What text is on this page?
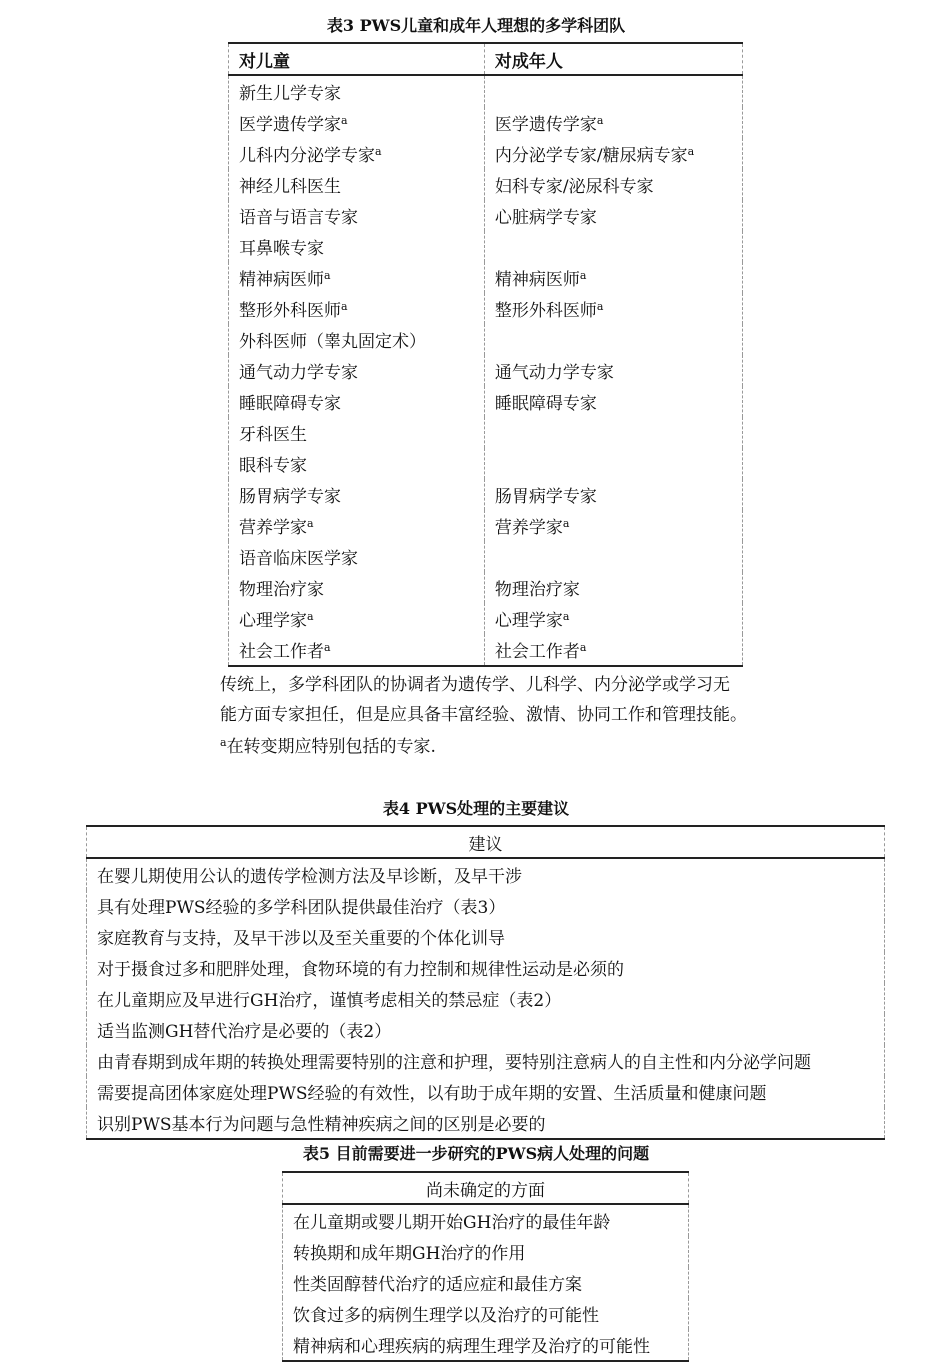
表3 PWS儿童和成年人理想的多学科团队
对儿童	对成年人
新生儿学专家	
医学遗传学家$^a$	医学遗传学家$^a$
儿科内分泌学专家$^a$	内分泌学专家/糖尿病专家$^a$
神经儿科医生	妇科专家/泌尿科专家
语音与语言专家	心脏病学专家
耳鼻喉专家	
精神病医师$^a$	精神病医师$^a$
整形外科医师$^a$	整形外科医师$^a$
外科医师（睾丸固定术）	
通气动力学专家	通气动力学专家
睡眠障碍专家	睡眠障碍专家
牙科医生	
眼科专家	
肠胃病学专家	肠胃病学专家
营养学家$^a$	营养学家$^a$
语音临床医学家	
物理治疗家	物理治疗家
心理学家$^a$	心理学家$^a$
社会工作者$^a$	社会工作者$^a$
传统上，多学科团队的协调者为遗传学、儿科学、内分泌学或学习无
能方面专家担任，但是应具备丰富经验、激情、协同工作和管理技能。
$^a$在转变期应特别包括的专家.
表4 PWS处理的主要建议
建议
在婴儿期使用公认的遗传学检测方法及早诊断，及早干涉
具有处理PWS经验的多学科团队提供最佳治疗（表3）
家庭教育与支持，及早干涉以及至关重要的个体化训导
对于摄食过多和肥胖处理，食物环境的有力控制和规律性运动是必须的
在儿童期应及早进行GH治疗，谨慎考虑相关的禁忌症（表2）
适当监测GH替代治疗是必要的（表2）
由青春期到成年期的转换处理需要特别的注意和护理，要特别注意病人的自主性和内分泌学问题
需要提高团体家庭处理PWS经验的有效性，以有助于成年期的安置、生活质量和健康问题
识别PWS基本行为问题与急性精神疾病之间的区别是必要的
表5 目前需要进一步研究的PWS病人处理的问题
尚未确定的方面
在儿童期或婴儿期开始GH治疗的最佳年龄
转换期和成年期GH治疗的作用
性类固醇替代治疗的适应症和最佳方案
饮食过多的病例生理学以及治疗的可能性
精神病和心理疾病的病理生理学及治疗的可能性
